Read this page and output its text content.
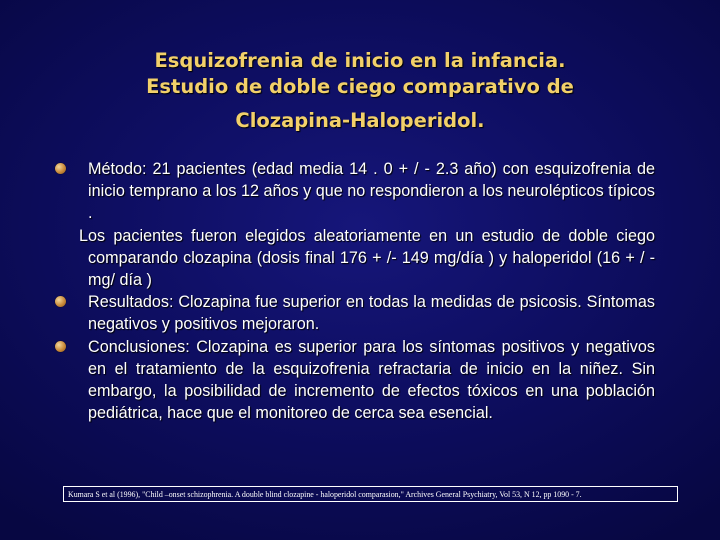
Esquizofrenia de inicio en la infancia.
Estudio de doble ciego comparativo de
Clozapina-Haloperidol.

Método: 21 pacientes (edad media 14 . 0 + / - 2.3 año) con esquizofrenia de inicio temprano a los 12 años y que no respondieron a los neurolépticos típicos .

Los pacientes fueron elegidos aleatoriamente en un estudio de doble ciego comparando clozapina (dosis final 176 + /- 149 mg/día ) y haloperidol (16 + / - mg/ día )

Resultados: Clozapina fue superior en todas la medidas de psicosis. Síntomas negativos y positivos mejoraron.

Conclusiones: Clozapina es superior para los síntomas positivos y negativos en el tratamiento de la esquizofrenia refractaria de inicio en la niñez. Sin embargo, la posibilidad de incremento de efectos tóxicos en una población pediátrica, hace que el monitoreo de cerca sea esencial.

Kumara S et al (1996), "Child –onset schizophrenia. A double blind clozapine - haloperidol comparasion," Archives General Psychiatry, Vol 53, N 12, pp 1090 - 7.
